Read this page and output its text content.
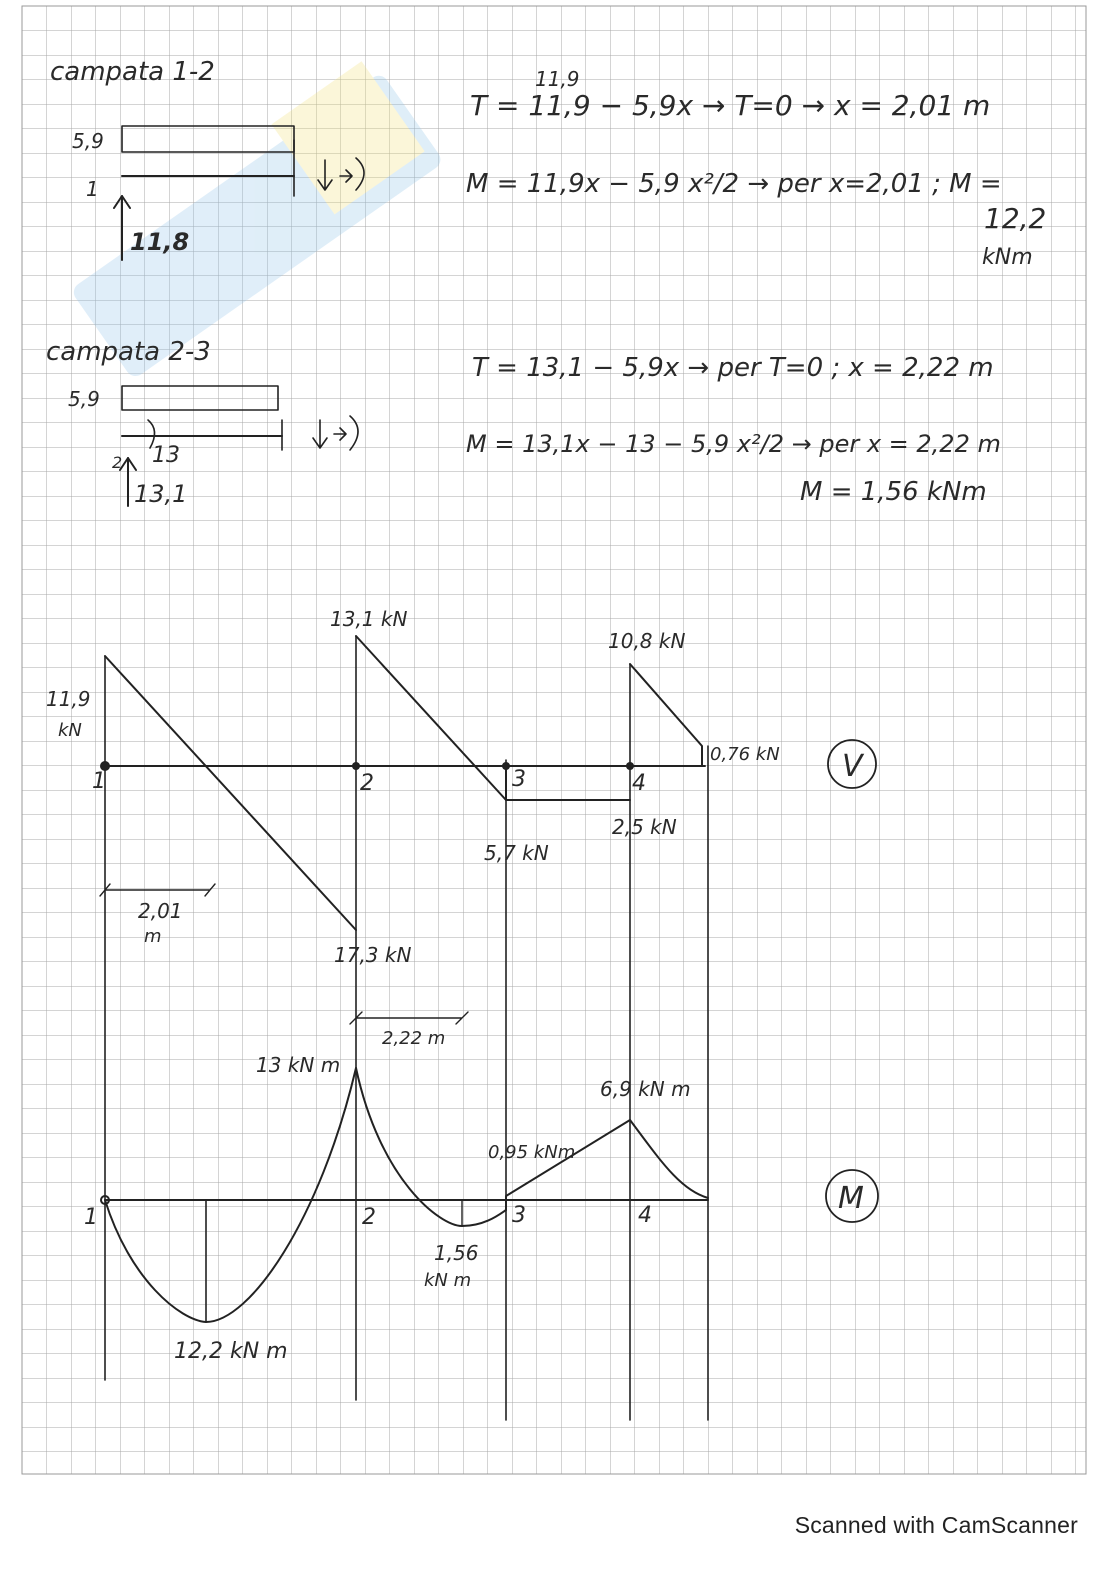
campata 1-2
5,9
1
11,8
11,9
T = 11,9 − 5,9x → T=0 → x = 2,01 m
M = 11,9x − 5,9 x²/2 → per x=2,01 ; M =
12,2
kNm
campata 2-3
5,9
2 13
13,1
T = 13,1 − 5,9x → per T=0 ; x = 2,22 m
M = 13,1x − 13 − 5,9 x²/2 → per x = 2,22 m
M = 1,56 kNm
V
1	2	3	4
11,9
kN
13,1 kN
17,3 kN
5,7 kN
2,5 kN
10,8 kN
0,76 kN
2,01
m
M
1	2	3	4
13 kN m
2,22 m
6,9 kN m
0,95 kNm
1,56
kN m
12,2 kN m
Scanned with CamScanner
